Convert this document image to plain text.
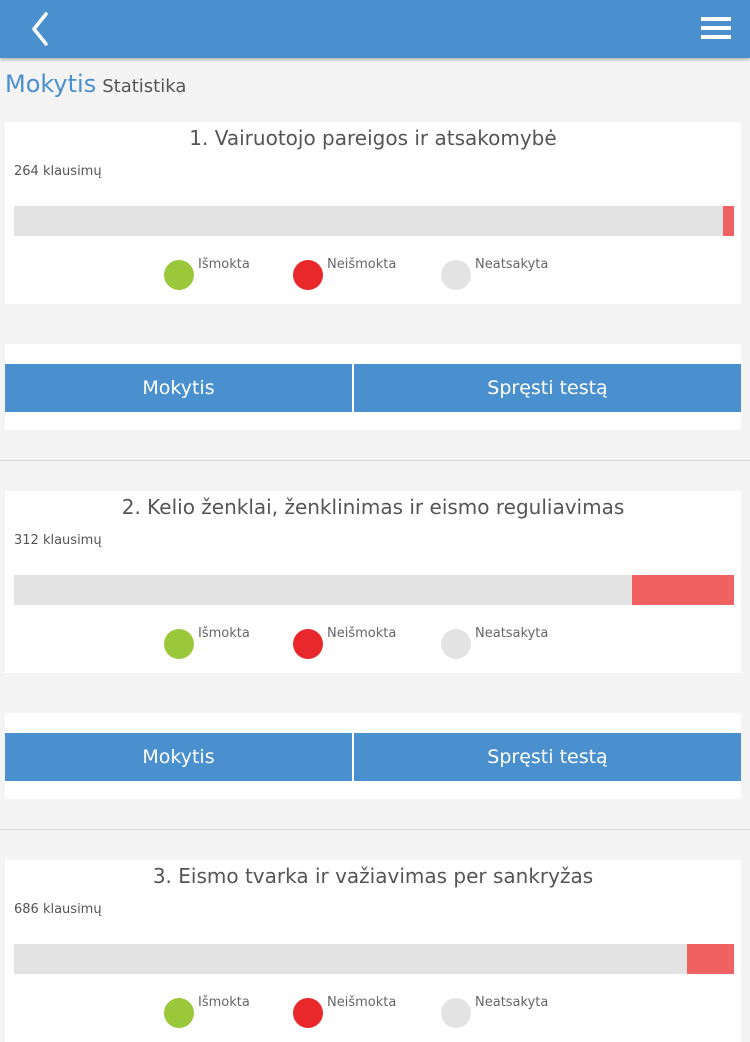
Mokytis Statistika
1. Vairuotojo pareigos ir atsakomybė
264 klausimų
Išmokta	Neišmokta	Neatsakyta
Mokytis	Spręsti testą
2. Kelio ženklai, ženklinimas ir eismo reguliavimas
312 klausimų
Išmokta	Neišmokta	Neatsakyta
Mokytis	Spręsti testą
3. Eismo tvarka ir važiavimas per sankryžas
686 klausimų
Išmokta	Neišmokta	Neatsakyta
